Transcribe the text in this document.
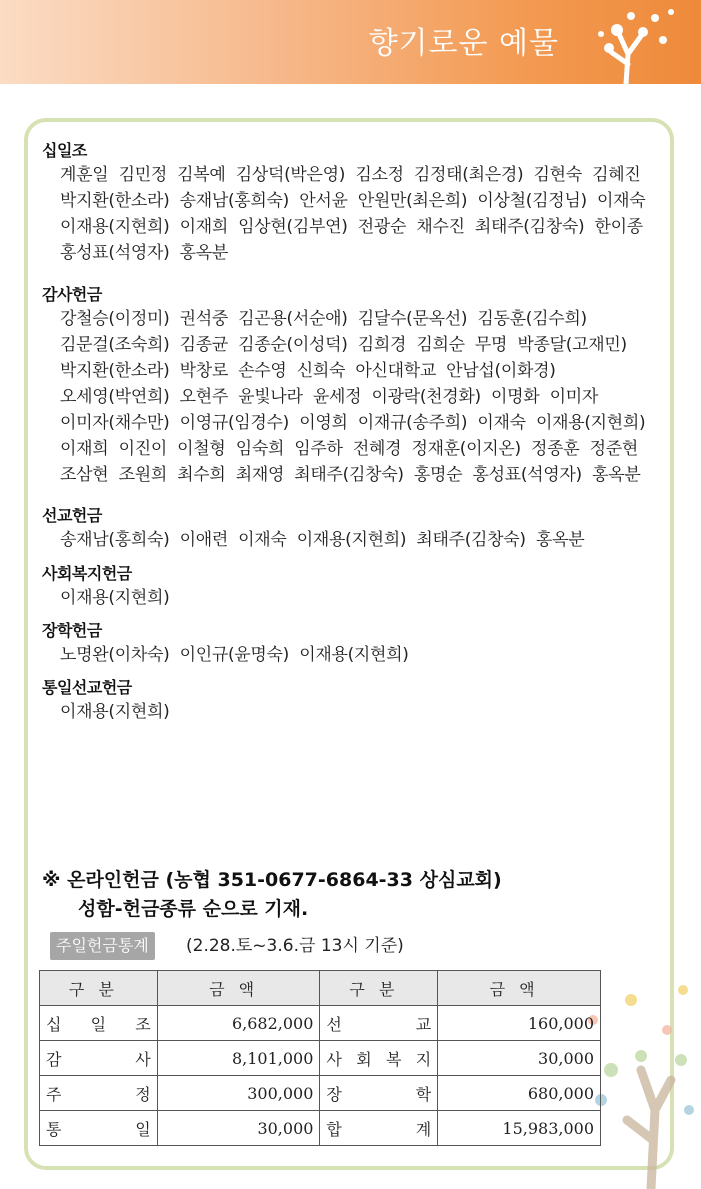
향기로운 예물
십일조
계훈일  김민정  김복예  김상덕(박은영)  김소정  김정태(최은경)  김현숙  김혜진
박지환(한소라)  송재남(홍희숙)  안서윤  안원만(최은희)  이상철(김정님)  이재숙
이재용(지현희)  이재희  임상현(김부연)  전광순  채수진  최태주(김창숙)  한이종
홍성표(석영자)  홍옥분
감사헌금
강철승(이정미)  권석중  김곤용(서순애)  김달수(문옥선)  김동훈(김수희)
김문걸(조숙희)  김종균  김종순(이성덕)  김희경  김희순  무명  박종달(고재민)
박지환(한소라)  박창로  손수영  신희숙  아신대학교  안남섭(이화경)
오세영(박연희)  오현주  윤빛나라  윤세정  이광락(천경화)  이명화  이미자
이미자(채수만)  이영규(임경수)  이영희  이재규(송주희)  이재숙  이재용(지현희)
이재희  이진이  이철형  임숙희  임주하  전혜경  정재훈(이지온)  정종훈  정준현
조삼현  조원희  최수희  최재영  최태주(김창숙)  홍명순  홍성표(석영자)  홍옥분
선교헌금
송재남(홍희숙)  이애련  이재숙  이재용(지현희)  최태주(김창숙)  홍옥분
사회복지헌금
이재용(지현희)
장학헌금
노명완(이차숙)  이인규(윤명숙)  이재용(지현희)
통일선교헌금
이재용(지현희)
※ 온라인헌금 (농협 351-0677-6864-33 상심교회)
성함-헌금종류 순으로 기재.
주일헌금통계	(2.28.토~3.6.금 13시 기준)
구분	금액	구분	금액

십 일 조	6,682,000	선 교	160,000

감 사	8,101,000	사 회 복 지	30,000

주 정	300,000	장 학	680,000

통 일	30,000	합 계	15,983,000
